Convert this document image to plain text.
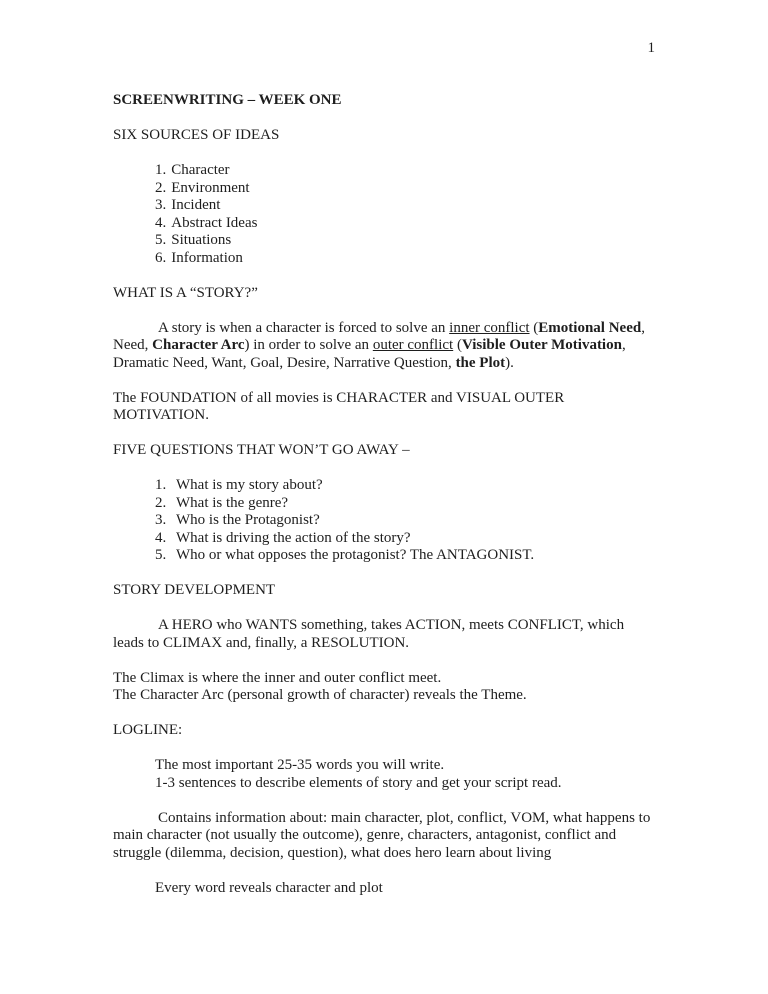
1

SCREENWRITING – WEEK ONE

SIX SOURCES OF IDEAS

1. Character
2. Environment
3. Incident
4. Abstract Ideas
5. Situations
6. Information

WHAT IS A “STORY?”

A story is when a character is forced to solve an inner conflict (Emotional Need, Need, Character Arc) in order to solve an outer conflict (Visible Outer Motivation, Dramatic Need, Want, Goal, Desire, Narrative Question, the Plot).

The FOUNDATION of all movies is CHARACTER and VISUAL OUTER MOTIVATION.

FIVE QUESTIONS THAT WON’T GO AWAY –

1. What is my story about?
2. What is the genre?
3. Who is the Protagonist?
4. What is driving the action of the story?
5. Who or what opposes the protagonist? The ANTAGONIST.

STORY DEVELOPMENT

A HERO who WANTS something, takes ACTION, meets CONFLICT, which leads to CLIMAX and, finally, a RESOLUTION.

The Climax is where the inner and outer conflict meet.
The Character Arc (personal growth of character) reveals the Theme.

LOGLINE:

The most important 25-35 words you will write.
1-3 sentences to describe elements of story and get your script read.

Contains information about: main character, plot, conflict, VOM, what happens to main character (not usually the outcome), genre, characters, antagonist, conflict and struggle (dilemma, decision, question), what does hero learn about living

Every word reveals character and plot
